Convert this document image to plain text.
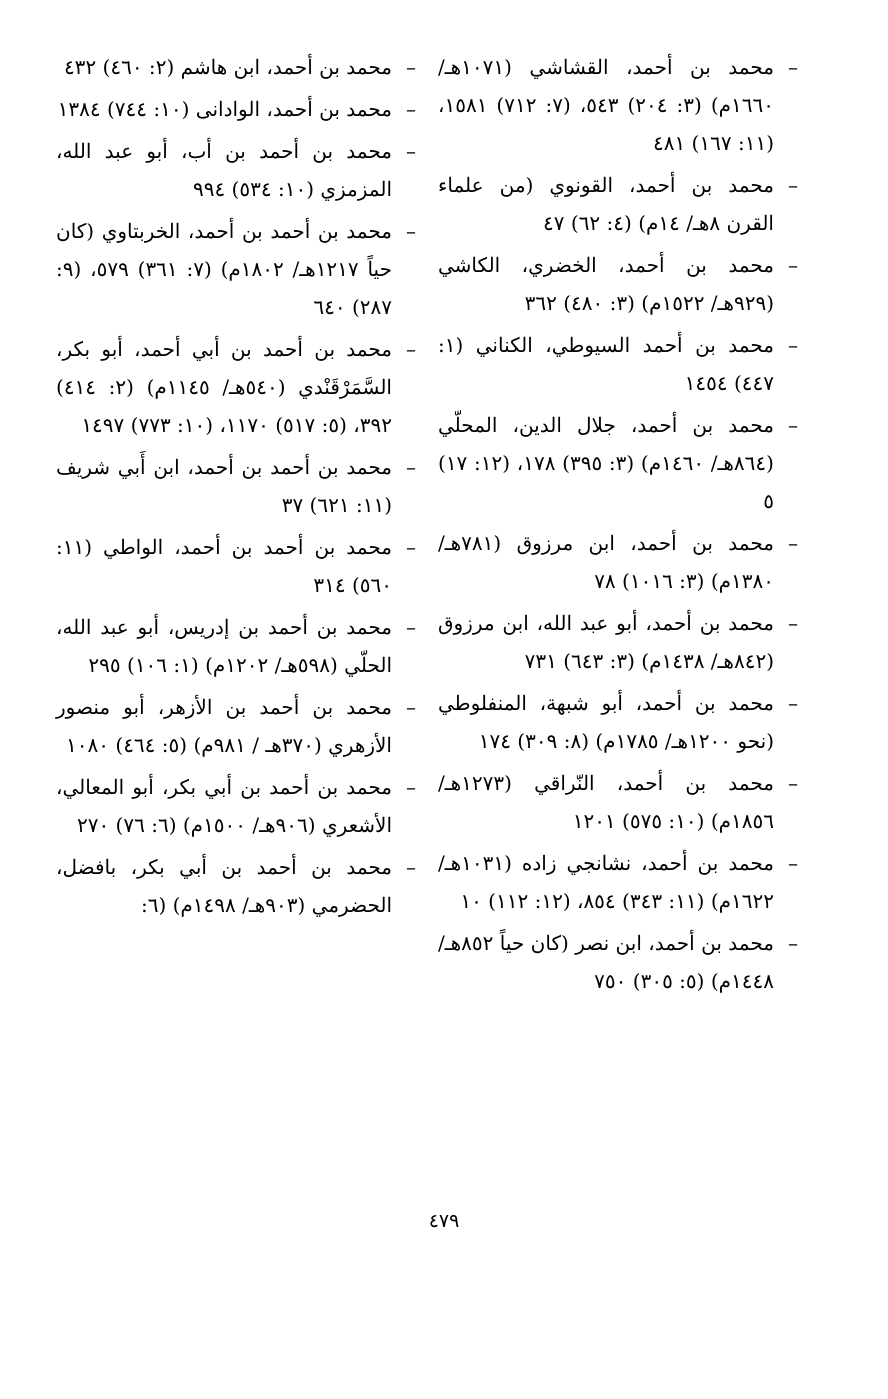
–
محمد بن أحمد، القشاشي (١٠٧١هـ/ ١٦٦٠م) (٣: ٢٠٤) ٥٤٣، (٧: ٧١٢) ١٥٨١، (١١: ١٦٧) ٤٨١
–
محمد بن أحمد، القونوي (من علماء القرن ٨هـ/ ١٤م) (٤: ٦٢) ٤٧
–
محمد بن أحمد، الخضري، الكاشي (٩٢٩هـ/ ١٥٢٢م) (٣: ٤٨٠) ٣٦٢
–
محمد بن أحمد السيوطي، الكناني (١: ٤٤٧) ١٤٥٤
–
محمد بن أحمد، جلال الدين، المحلّي (٨٦٤هـ/ ١٤٦٠م) (٣: ٣٩٥) ١٧٨، (١٢: ١٧) ٥
–
محمد بن أحمد، ابن مرزوق (٧٨١هـ/ ١٣٨٠م) (٣: ١٠١٦) ٧٨
–
محمد بن أحمد، أبو عبد الله، ابن مرزوق (٨٤٢هـ/ ١٤٣٨م) (٣: ٦٤٣) ٧٣١
–
محمد بن أحمد، أبو شبهة، المنفلوطي (نحو ١٢٠٠هـ/ ١٧٨٥م) (٨: ٣٠٩) ١٧٤
–
محمد بن أحمد، النّراقي (١٢٧٣هـ/ ١٨٥٦م) (١٠: ٥٧٥) ١٢٠١
–
محمد بن أحمد، نشانجي زاده (١٠٣١هـ/ ١٦٢٢م) (١١: ٣٤٣) ٨٥٤، (١٢: ١١٢) ١٠
–
محمد بن أحمد، ابن نصر (كان حياً ٨٥٢هـ/ ١٤٤٨م) (٥: ٣٠٥) ٧٥٠
–
محمد بن أحمد، ابن هاشم (٢: ٤٦٠) ٤٣٢
–
محمد بن أحمد، الوادانى (١٠: ٧٤٤) ١٣٨٤
–
محمد بن أحمد بن أب، أبو عبد الله، المزمزي (١٠: ٥٣٤) ٩٩٤
–
محمد بن أحمد بن أحمد، الخربتاوي (كان حياً ١٢١٧هـ/ ١٨٠٢م) (٧: ٣٦١) ٥٧٩، (٩: ٢٨٧) ٦٤٠
–
محمد بن أحمد بن أبي أحمد، أبو بكر، السَّمَرْقَنْدي (٥٤٠هـ/ ١١٤٥م) (٢: ٤١٤) ٣٩٢، (٥: ٥١٧) ١١٧٠، (١٠: ٧٧٣) ١٤٩٧
–
محمد بن أحمد بن أحمد، ابن أَبي شريف (١١: ٦٢١) ٣٧
–
محمد بن أحمد بن أحمد، الواطي (١١: ٥٦٠) ٣١٤
–
محمد بن أحمد بن إدريس، أبو عبد الله، الحلّي (٥٩٨هـ/ ١٢٠٢م) (١: ١٠٦) ٢٩٥
–
محمد بن أحمد بن الأزهر، أبو منصور الأزهري (٣٧٠هـ / ٩٨١م) (٥: ٤٦٤) ١٠٨٠
–
محمد بن أحمد بن أبي بكر، أبو المعالي، الأشعري (٩٠٦هـ/ ١٥٠٠م) (٦: ٧٦) ٢٧٠
–
محمد بن أحمد بن أبي بكر، بافضل، الحضرمي (٩٠٣هـ/ ١٤٩٨م) (٦:
٤٧٩
